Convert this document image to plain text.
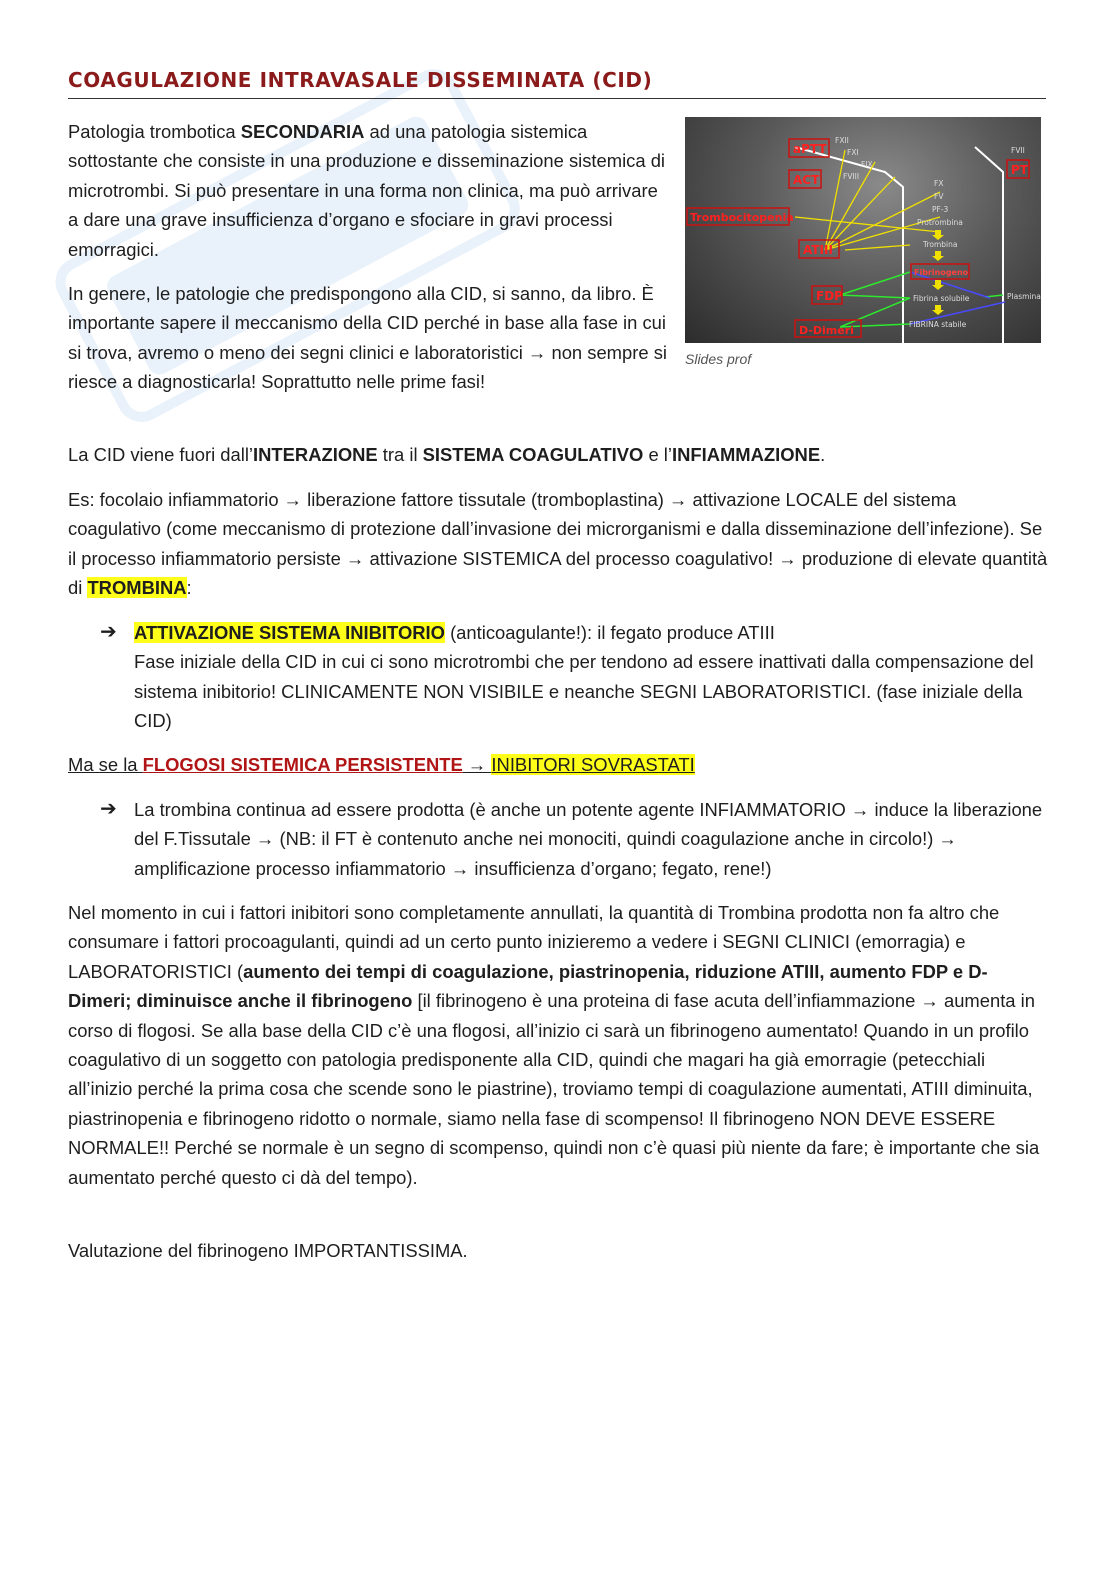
COAGULAZIONE INTRAVASALE DISSEMINATA (CID)

Patologia trombotica SECONDARIA ad una patologia sistemica sottostante che consiste in una produzione e disseminazione sistemica di microtrombi. Si può presentare in una forma non clinica, ma può arrivare a dare una grave insufficienza d’organo e sfociare in gravi processi emorragici.

In genere, le patologie che predispongono alla CID, si sanno, da libro. È importante sapere il meccanismo della CID perché in base alla fase in cui si trova, avremo o meno dei segni clinici e laboratoristici → non sempre si riesce a diagnosticarla! Soprattutto nelle prime fasi!

aPTT
ACT
Trombocitopenia
ATIII
FDP
D-Dimeri
PT
FXII
FXI
FIX
FVIII
FX
FV
PF-3
Protrombina
Trombina
Fibrinogeno
Fibrina solubile
FIBRINA stabile
Plasmina
FVII
Slides prof

La CID viene fuori dall’INTERAZIONE tra il SISTEMA COAGULATIVO e l’INFIAMMAZIONE.

Es: focolaio infiammatorio → liberazione fattore tissutale (tromboplastina) → attivazione LOCALE del sistema coagulativo (come meccanismo di protezione dall’invasione dei microrganismi e dalla disseminazione dell’infezione). Se il processo infiammatorio persiste → attivazione SISTEMICA del processo coagulativo! → produzione di elevate quantità di TROMBINA:

➔ ATTIVAZIONE SISTEMA INIBITORIO (anticoagulante!): il fegato produce ATIII
Fase iniziale della CID in cui ci sono microtrombi che per tendono ad essere inattivati dalla compensazione del sistema inibitorio! CLINICAMENTE NON VISIBILE e neanche SEGNI LABORATORISTICI. (fase iniziale della CID)

Ma se la FLOGOSI SISTEMICA PERSISTENTE → INIBITORI SOVRASTATI

➔ La trombina continua ad essere prodotta (è anche un potente agente INFIAMMATORIO → induce la liberazione del F.Tissutale → (NB: il FT è contenuto anche nei monociti, quindi coagulazione anche in circolo!) → amplificazione processo infiammatorio → insufficienza d’organo; fegato, rene!)

Nel momento in cui i fattori inibitori sono completamente annullati, la quantità di Trombina prodotta non fa altro che consumare i fattori procoagulanti, quindi ad un certo punto inizieremo a vedere i SEGNI CLINICI (emorragia) e LABORATORISTICI (aumento dei tempi di coagulazione, piastrinopenia, riduzione ATIII, aumento FDP e D-Dimeri; diminuisce anche il fibrinogeno [il fibrinogeno è una proteina di fase acuta dell’infiammazione → aumenta in corso di flogosi. Se alla base della CID c’è una flogosi, all’inizio ci sarà un fibrinogeno aumentato! Quando in un profilo coagulativo di un soggetto con patologia predisponente alla CID, quindi che magari ha già emorragie (petecchiali all’inizio perché la prima cosa che scende sono le piastrine), troviamo tempi di coagulazione aumentati, ATIII diminuita, piastrinopenia e fibrinogeno ridotto o normale, siamo nella fase di scompenso! Il fibrinogeno NON DEVE ESSERE NORMALE!! Perché se normale è un segno di scompenso, quindi non c’è quasi più niente da fare; è importante che sia aumentato perché questo ci dà del tempo).

Valutazione del fibrinogeno IMPORTANTISSIMA.
